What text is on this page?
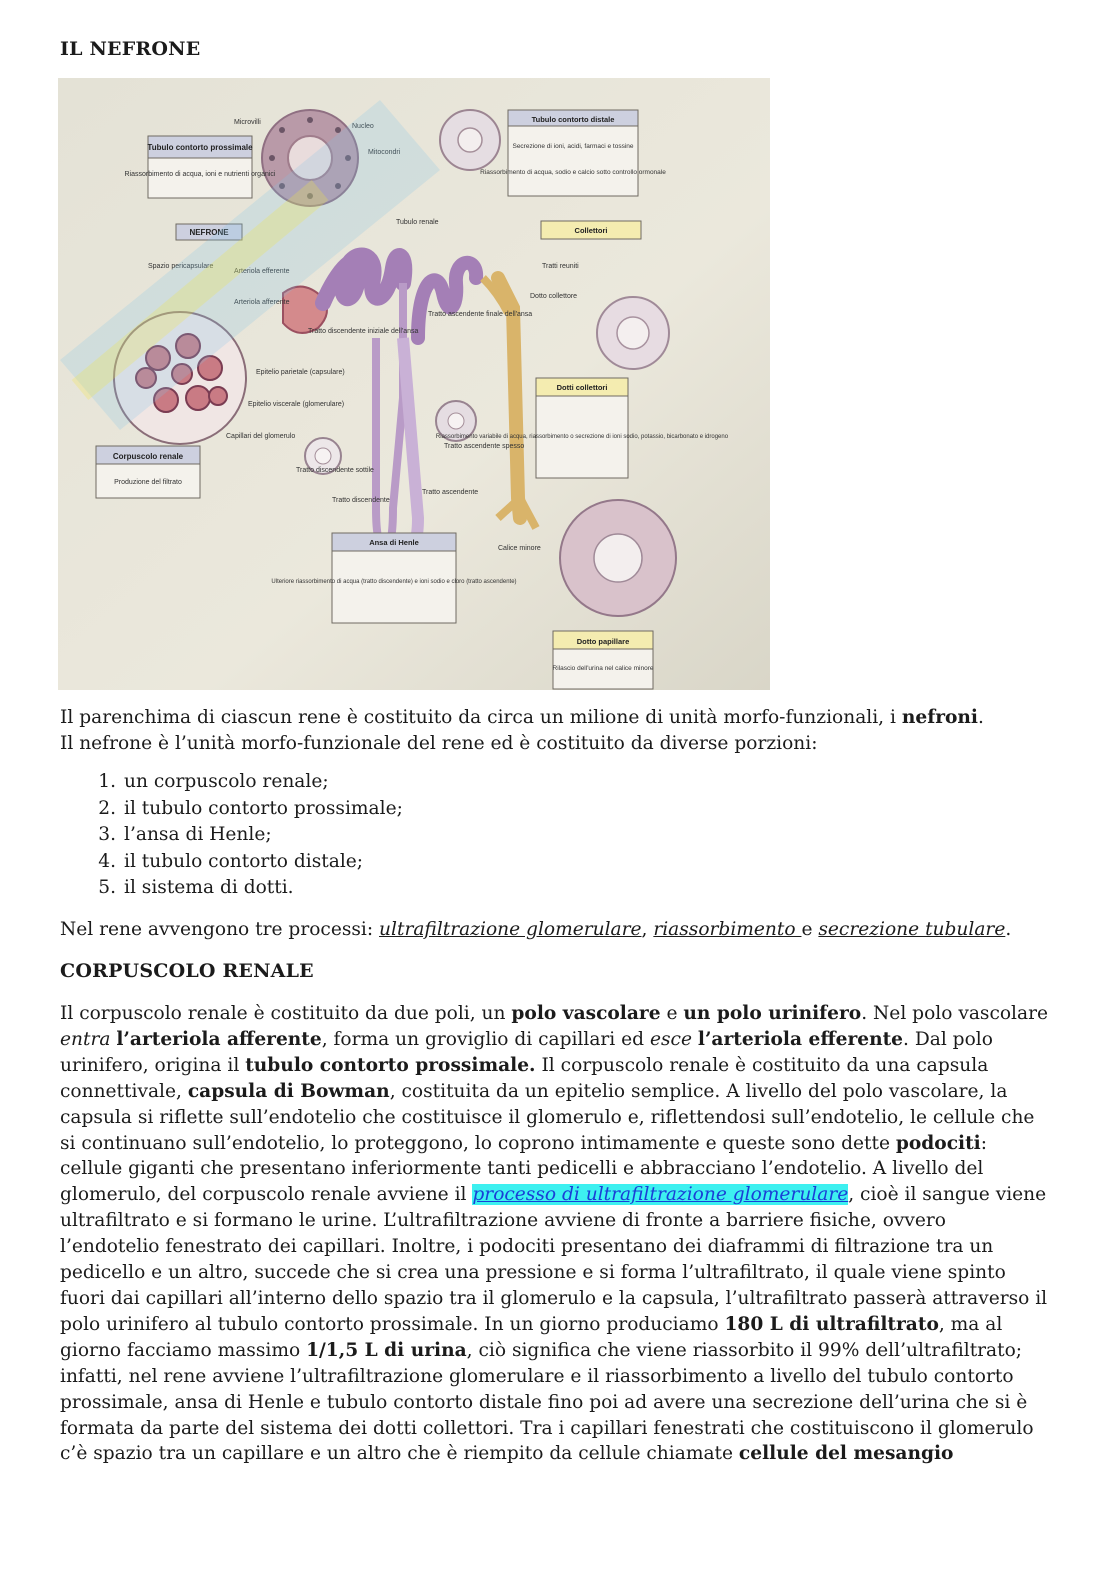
IL NEFRONE
Tubulo contorto prossimale
Riassorbimento di acqua, ioni e nutrienti organici
NEFRONE
Tubulo contorto distale
Secrezione di ioni, acidi, farmaci e tossine
Riassorbimento di acqua, sodio e calcio sotto controllo ormonale
Collettori
Dotti collettori
Riassorbimento variabile di acqua, riassorbimento o secrezione di ioni sodio, potassio, bicarbonato e idrogeno
Corpuscolo renale
Produzione del filtrato
Ansa di Henle
Ulteriore riassorbimento di acqua (tratto discendente) e ioni sodio e cloro (tratto ascendente)
Dotto papillare
Rilascio dell'urina nel calice minore
Microvilli
Nucleo
Mitocondri
Tubulo renale
Spazio pericapsulare
Arteriola efferente
Arteriola afferente
Tratto discendente iniziale dell'ansa
Tratto ascendente finale dell'ansa
Tratti reuniti
Dotto collettore
Epitelio parietale (capsulare)
Epitelio viscerale (glomerulare)
Capillari del glomerulo
Tratto ascendente spesso
Tratto discendente sottile
Tratto discendente
Tratto ascendente
Calice minore

Il parenchima di ciascun rene è costituito da circa un milione di unità morfo-funzionali, i nefroni.
Il nefrone è l’unità morfo-funzionale del rene ed è costituito da diverse porzioni:

1. un corpuscolo renale;
2. il tubulo contorto prossimale;
3. l’ansa di Henle;
4. il tubulo contorto distale;
5. il sistema di dotti.

Nel rene avvengono tre processi: ultrafiltrazione glomerulare, riassorbimento e secrezione tubulare.

CORPUSCOLO RENALE

Il corpuscolo renale è costituito da due poli, un polo vascolare e un polo urinifero. Nel polo vascolare entra l’arteriola afferente, forma un groviglio di capillari ed esce l’arteriola efferente. Dal polo urinifero, origina il tubulo contorto prossimale. Il corpuscolo renale è costituito da una capsula connettivale, capsula di Bowman, costituita da un epitelio semplice. A livello del polo vascolare, la capsula si riflette sull’endotelio che costituisce il glomerulo e, riflettendosi sull’endotelio, le cellule che si continuano sull’endotelio, lo proteggono, lo coprono intimamente e queste sono dette podociti: cellule giganti che presentano inferiormente tanti pedicelli e abbracciano l’endotelio. A livello del glomerulo, del corpuscolo renale avviene il processo di ultrafiltrazione glomerulare, cioè il sangue viene ultrafiltrato e si formano le urine. L’ultrafiltrazione avviene di fronte a barriere fisiche, ovvero l’endotelio fenestrato dei capillari. Inoltre, i podociti presentano dei diaframmi di filtrazione tra un pedicello e un altro, succede che si crea una pressione e si forma l’ultrafiltrato, il quale viene spinto fuori dai capillari all’interno dello spazio tra il glomerulo e la capsula, l’ultrafiltrato passerà attraverso il polo urinifero al tubulo contorto prossimale. In un giorno produciamo 180 L di ultrafiltrato, ma al giorno facciamo massimo 1/1,5 L di urina, ciò significa che viene riassorbito il 99% dell’ultrafiltrato; infatti, nel rene avviene l’ultrafiltrazione glomerulare e il riassorbimento a livello del tubulo contorto prossimale, ansa di Henle e tubulo contorto distale fino poi ad avere una secrezione dell’urina che si è formata da parte del sistema dei dotti collettori. Tra i capillari fenestrati che costituiscono il glomerulo c’è spazio tra un capillare e un altro che è riempito da cellule chiamate cellule del mesangio
